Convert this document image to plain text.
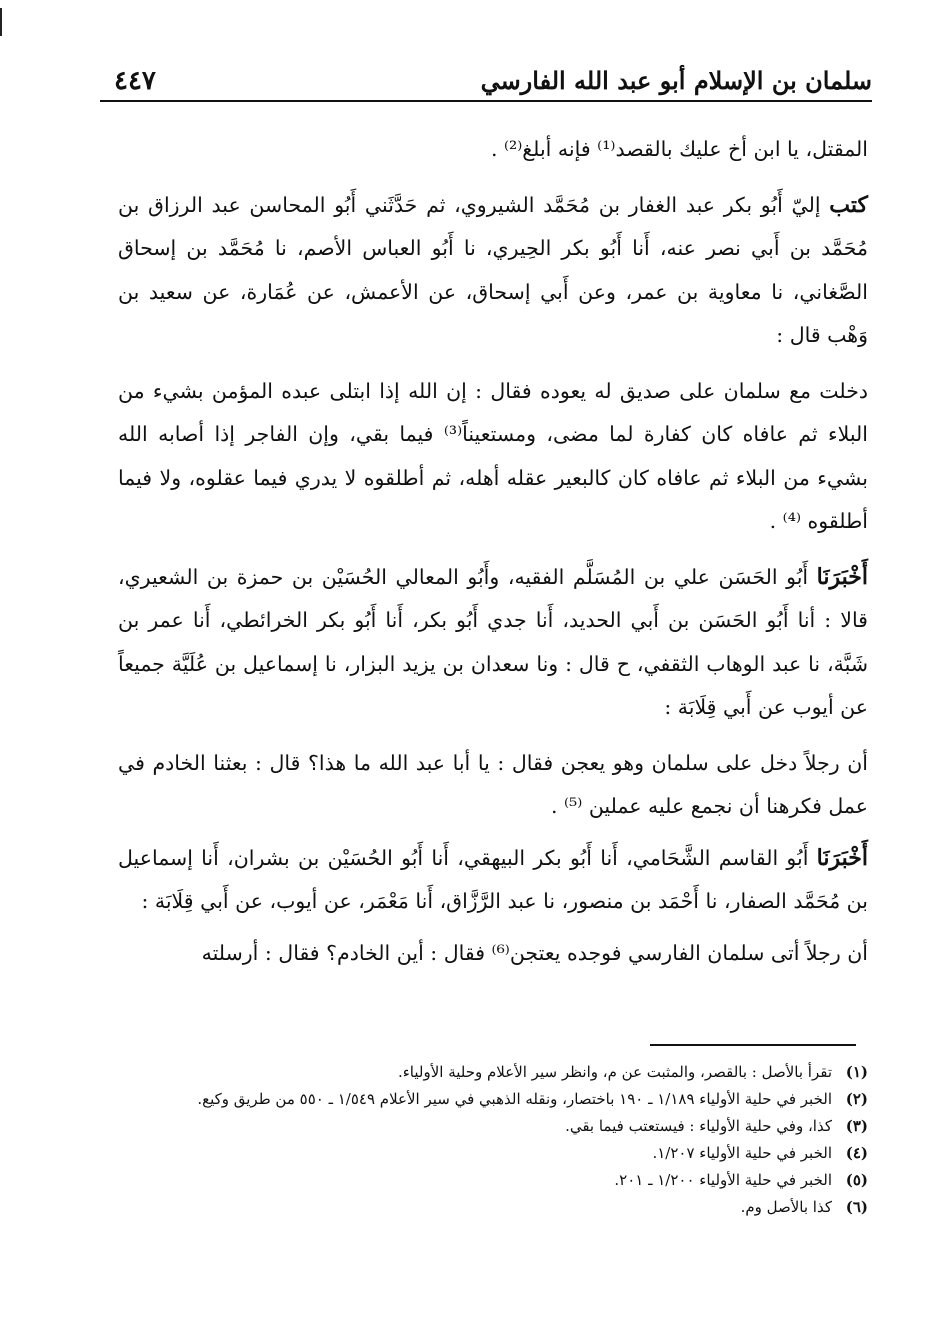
سلمان بن الإسلام أبو عبد الله الفارسي
٤٤٧

المقتل، يا ابن أخ عليك بالقصد⁽¹⁾ فإنه أبلغ⁽²⁾ .

كتب إليّ أَبُو بكر عبد الغفار بن مُحَمَّد الشيروي، ثم حَدَّثَني أَبُو المحاسن عبد الرزاق بن مُحَمَّد بن أَبي نصر عنه، أَنا أَبُو بكر الحِيري، نا أَبُو العباس الأصم، نا مُحَمَّد بن إسحاق الصَّغاني، نا معاوية بن عمر، وعن أَبي إسحاق، عن الأعمش، عن عُمَارة، عن سعيد بن وَهْب قال :

دخلت مع سلمان على صديق له يعوده فقال : إن الله إذا ابتلى عبده المؤمن بشيء من البلاء ثم عافاه كان كفارة لما مضى، ومستعيناً⁽³⁾ فيما بقي، وإن الفاجر إذا أصابه الله بشيء من البلاء ثم عافاه كان كالبعير عقله أهله، ثم أطلقوه لا يدري فيما عقلوه، ولا فيما أطلقوه ⁽⁴⁾ .

أَخْبَرَنَا أَبُو الحَسَن علي بن المُسَلَّم الفقيه، وأَبُو المعالي الحُسَيْن بن حمزة بن الشعيري، قالا : أنا أَبُو الحَسَن بن أَبي الحديد، أَنا جدي أَبُو بكر، أَنا أَبُو بكر الخرائطي، أَنا عمر بن شَبَّة، نا عبد الوهاب الثقفي، ح قال : ونا سعدان بن يزيد البزار، نا إسماعيل بن عُلَيَّة جميعاً عن أيوب عن أَبي قِلَابَة :

أن رجلاً دخل على سلمان وهو يعجن فقال : يا أبا عبد الله ما هذا؟ قال : بعثنا الخادم في عمل فكرهنا أن نجمع عليه عملين ⁽⁵⁾ .

أَخْبَرَنَا أَبُو القاسم الشَّحَامي، أَنا أَبُو بكر البيهقي، أَنا أَبُو الحُسَيْن بن بشران، أَنا إسماعيل بن مُحَمَّد الصفار، نا أَحْمَد بن منصور، نا عبد الرَّزَّاق، أَنا مَعْمَر، عن أيوب، عن أَبي قِلَابَة :

أن رجلاً أتى سلمان الفارسي فوجده يعتجن⁽⁶⁾ فقال : أين الخادم؟ فقال : أرسلته

(١)
تقرأ بالأصل : بالقصر، والمثبت عن م، وانظر سير الأعلام وحلية الأولياء.
(٢)
الخبر في حلية الأولياء ١/١٨٩ ـ ١٩٠ باختصار، ونقله الذهبي في سير الأعلام ١/٥٤٩ ـ ٥٥٠ من طريق وكيع.
(٣)
كذا، وفي حلية الأولياء : فيستعتب فيما بقي.
(٤)
الخبر في حلية الأولياء ١/٢٠٧.
(٥)
الخبر في حلية الأولياء ١/٢٠٠ ـ ٢٠١.
(٦)
كذا بالأصل وم.
